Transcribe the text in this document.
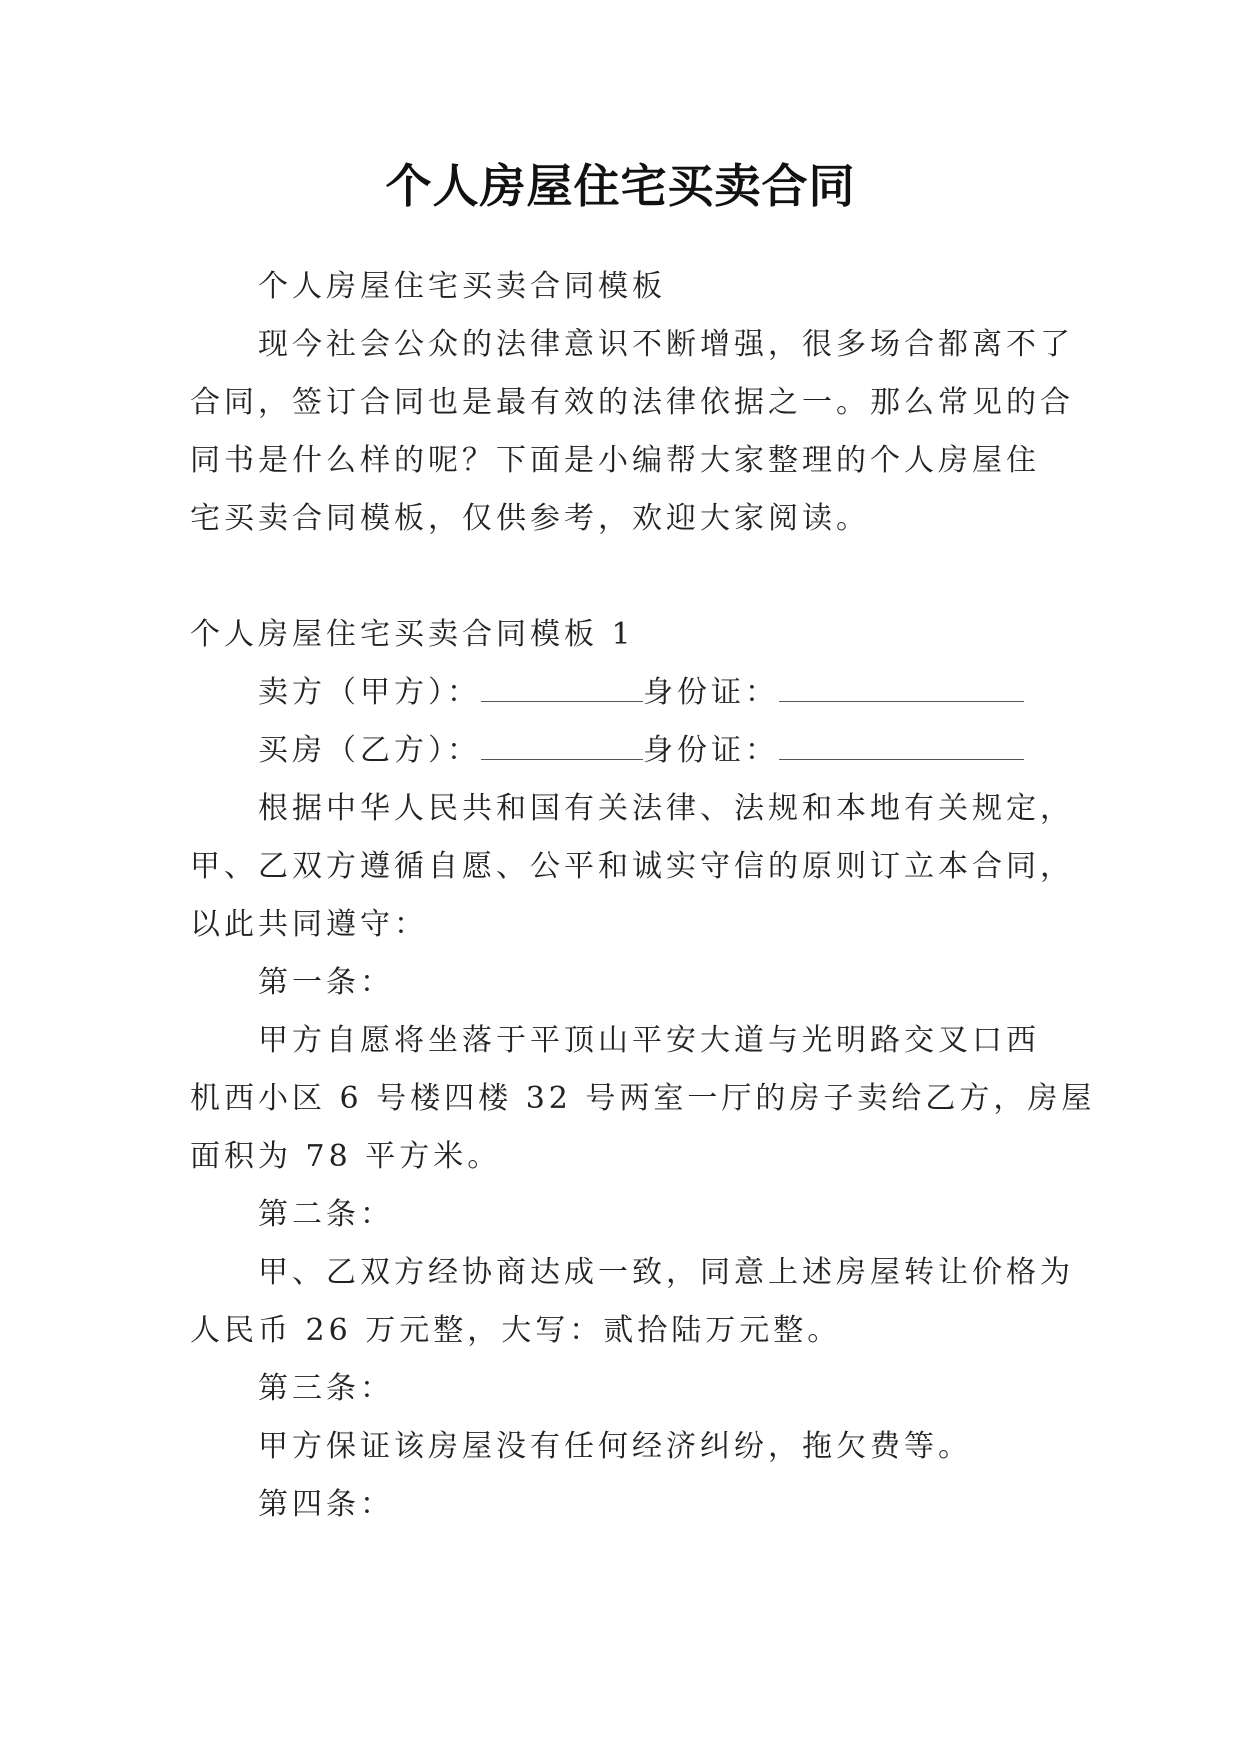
个人房屋住宅买卖合同

个人房屋住宅买卖合同模板

现今社会公众的法律意识不断增强，很多场合都离不了

合同，签订合同也是最有效的法律依据之一。那么常见的合
同书是什么样的呢？下面是小编帮大家整理的个人房屋住
宅买卖合同模板，仅供参考，欢迎大家阅读。

个人房屋住宅买卖合同模板 1

卖方（甲方）：	身份证：

买房（乙方）：	身份证：

根据中华人民共和国有关法律、法规和本地有关规定，

甲、乙双方遵循自愿、公平和诚实守信的原则订立本合同，
以此共同遵守：

第一条：

甲方自愿将坐落于平顶山平安大道与光明路交叉口西

机西小区 6 号楼四楼 32 号两室一厅的房子卖给乙方，房屋
面积为 78 平方米。

第二条：

甲、乙双方经协商达成一致，同意上述房屋转让价格为

人民币 26 万元整，大写：贰拾陆万元整。

第三条：

甲方保证该房屋没有任何经济纠纷，拖欠费等。

第四条：
